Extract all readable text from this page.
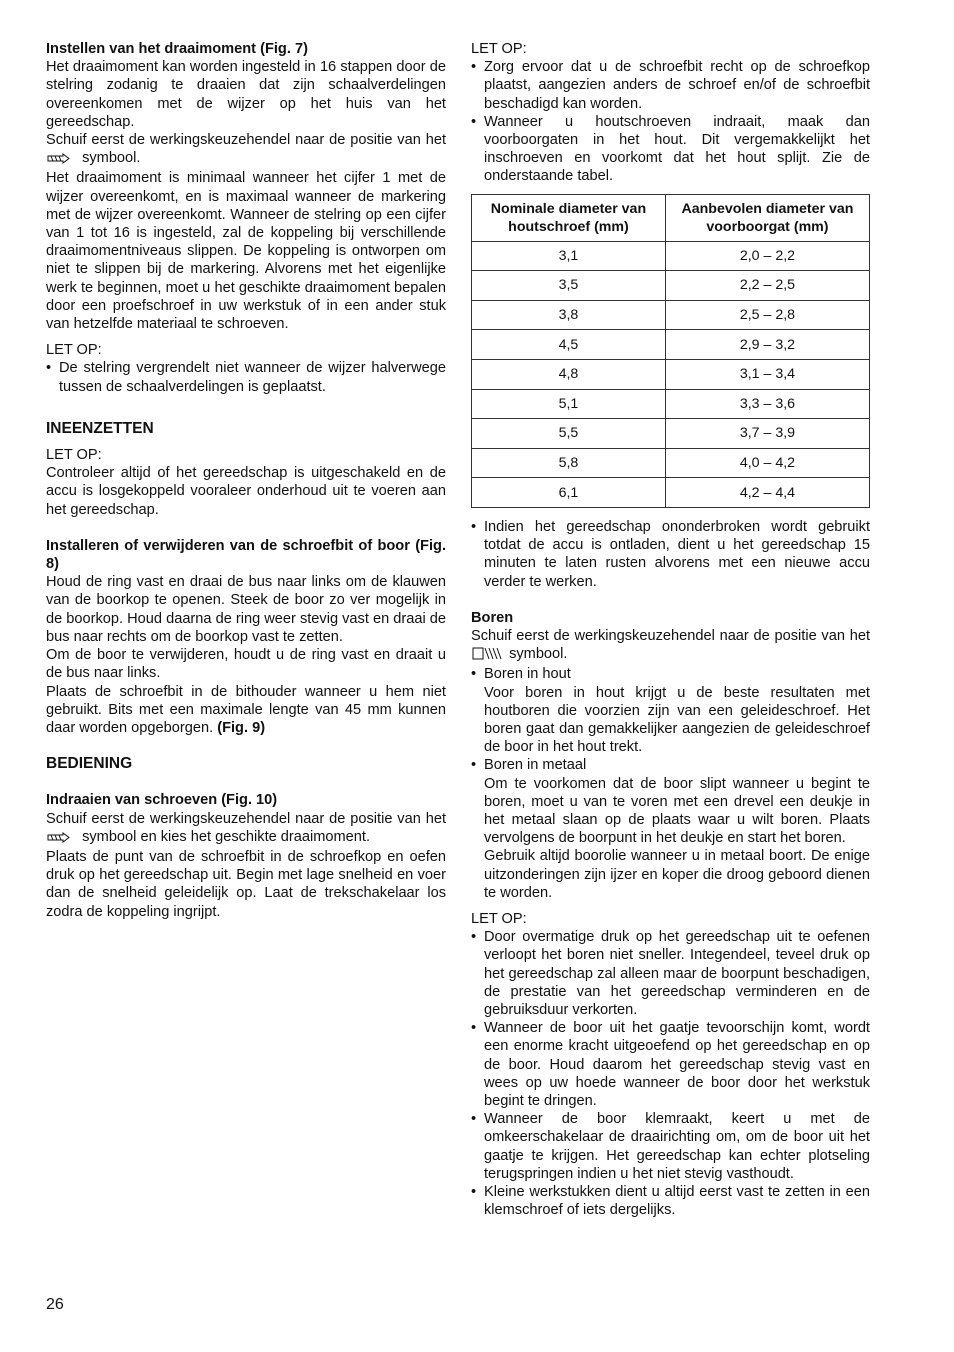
Instellen van het draaimoment (Fig. 7)

Het draaimoment kan worden ingesteld in 16 stappen door de stelring zodanig te draaien dat zijn schaalverdelingen overeenkomen met de wijzer op het huis van het gereedschap.

Schuif eerst de werkingskeuzehendel naar de positie van het  symbool.

Het draaimoment is minimaal wanneer het cijfer 1 met de wijzer overeenkomt, en is maximaal wanneer de markering met de wijzer overeenkomt. Wanneer de stelring op een cijfer van 1 tot 16 is ingesteld, zal de koppeling bij verschillende draaimomentniveaus slippen. De koppeling is ontworpen om niet te slippen bij de markering. Alvorens met het eigenlijke werk te beginnen, moet u het geschikte draaimoment bepalen door een proefschroef in uw werkstuk of in een ander stuk van hetzelfde materiaal te schroeven.

LET OP:

• De stelring vergrendelt niet wanneer de wijzer halverwege tussen de schaalverdelingen is geplaatst.

INEENZETTEN

LET OP:

Controleer altijd of het gereedschap is uitgeschakeld en de accu is losgekoppeld vooraleer onderhoud uit te voeren aan het gereedschap.

Installeren of verwijderen van de schroefbit of boor (Fig. 8)

Houd de ring vast en draai de bus naar links om de klauwen van de boorkop te openen. Steek de boor zo ver mogelijk in de boorkop. Houd daarna de ring weer stevig vast en draai de bus naar rechts om de boorkop vast te zetten.

Om de boor te verwijderen, houdt u de ring vast en draait u de bus naar links.

Plaats de schroefbit in de bithouder wanneer u hem niet gebruikt. Bits met een maximale lengte van 45 mm kunnen daar worden opgeborgen. (Fig. 9)

BEDIENING

Indraaien van schroeven (Fig. 10)

Schuif eerst de werkingskeuzehendel naar de positie van het  symbool en kies het geschikte draaimoment.

Plaats de punt van de schroefbit in de schroefkop en oefen druk op het gereedschap uit. Begin met lage snelheid en voer dan de snelheid geleidelijk op. Laat de trekschakelaar los zodra de koppeling ingrijpt.

LET OP:

• Zorg ervoor dat u de schroefbit recht op de schroefkop plaatst, aangezien anders de schroef en/of de schroefbit beschadigd kan worden.
• Wanneer u houtschroeven indraait, maak dan voorboorgaten in het hout. Dit vergemakkelijkt het inschroeven en voorkomt dat het hout splijt. Zie de onderstaande tabel.
Nominale diameter van houtschroef (mm)	Aanbevolen diameter van voorboorgat (mm)
3,1	2,0 – 2,2
3,5	2,2 – 2,5
3,8	2,5 – 2,8
4,5	2,9 – 3,2
4,8	3,1 – 3,4
5,1	3,3 – 3,6
5,5	3,7 – 3,9
5,8	4,0 – 4,2
6,1	4,2 – 4,4
• Indien het gereedschap ononderbroken wordt gebruikt totdat de accu is ontladen, dient u het gereedschap 15 minuten te laten rusten alvorens met een nieuwe accu verder te werken.

Boren

Schuif eerst de werkingskeuzehendel naar de positie van het  symbool.

• Boren in hout

Voor boren in hout krijgt u de beste resultaten met houtboren die voorzien zijn van een geleideschroef. Het boren gaat dan gemakkelijker aangezien de geleideschroef de boor in het hout trekt.

• Boren in metaal

Om te voorkomen dat de boor slipt wanneer u begint te boren, moet u van te voren met een drevel een deukje in het metaal slaan op de plaats waar u wilt boren. Plaats vervolgens de boorpunt in het deukje en start het boren.

Gebruik altijd boorolie wanneer u in metaal boort. De enige uitzonderingen zijn ijzer en koper die droog geboord dienen te worden.

LET OP:

• Door overmatige druk op het gereedschap uit te oefenen verloopt het boren niet sneller. Integendeel, teveel druk op het gereedschap zal alleen maar de boorpunt beschadigen, de prestatie van het gereedschap verminderen en de gebruiksduur verkorten.
• Wanneer de boor uit het gaatje tevoorschijn komt, wordt een enorme kracht uitgeoefend op het gereedschap en op de boor. Houd daarom het gereedschap stevig vast en wees op uw hoede wanneer de boor door het werkstuk begint te dringen.
• Wanneer de boor klemraakt, keert u met de omkeerschakelaar de draairichting om, om de boor uit het gaatje te krijgen. Het gereedschap kan echter plotseling terugspringen indien u het niet stevig vasthoudt.
• Kleine werkstukken dient u altijd eerst vast te zetten in een klemschroef of iets dergelijks.
26
